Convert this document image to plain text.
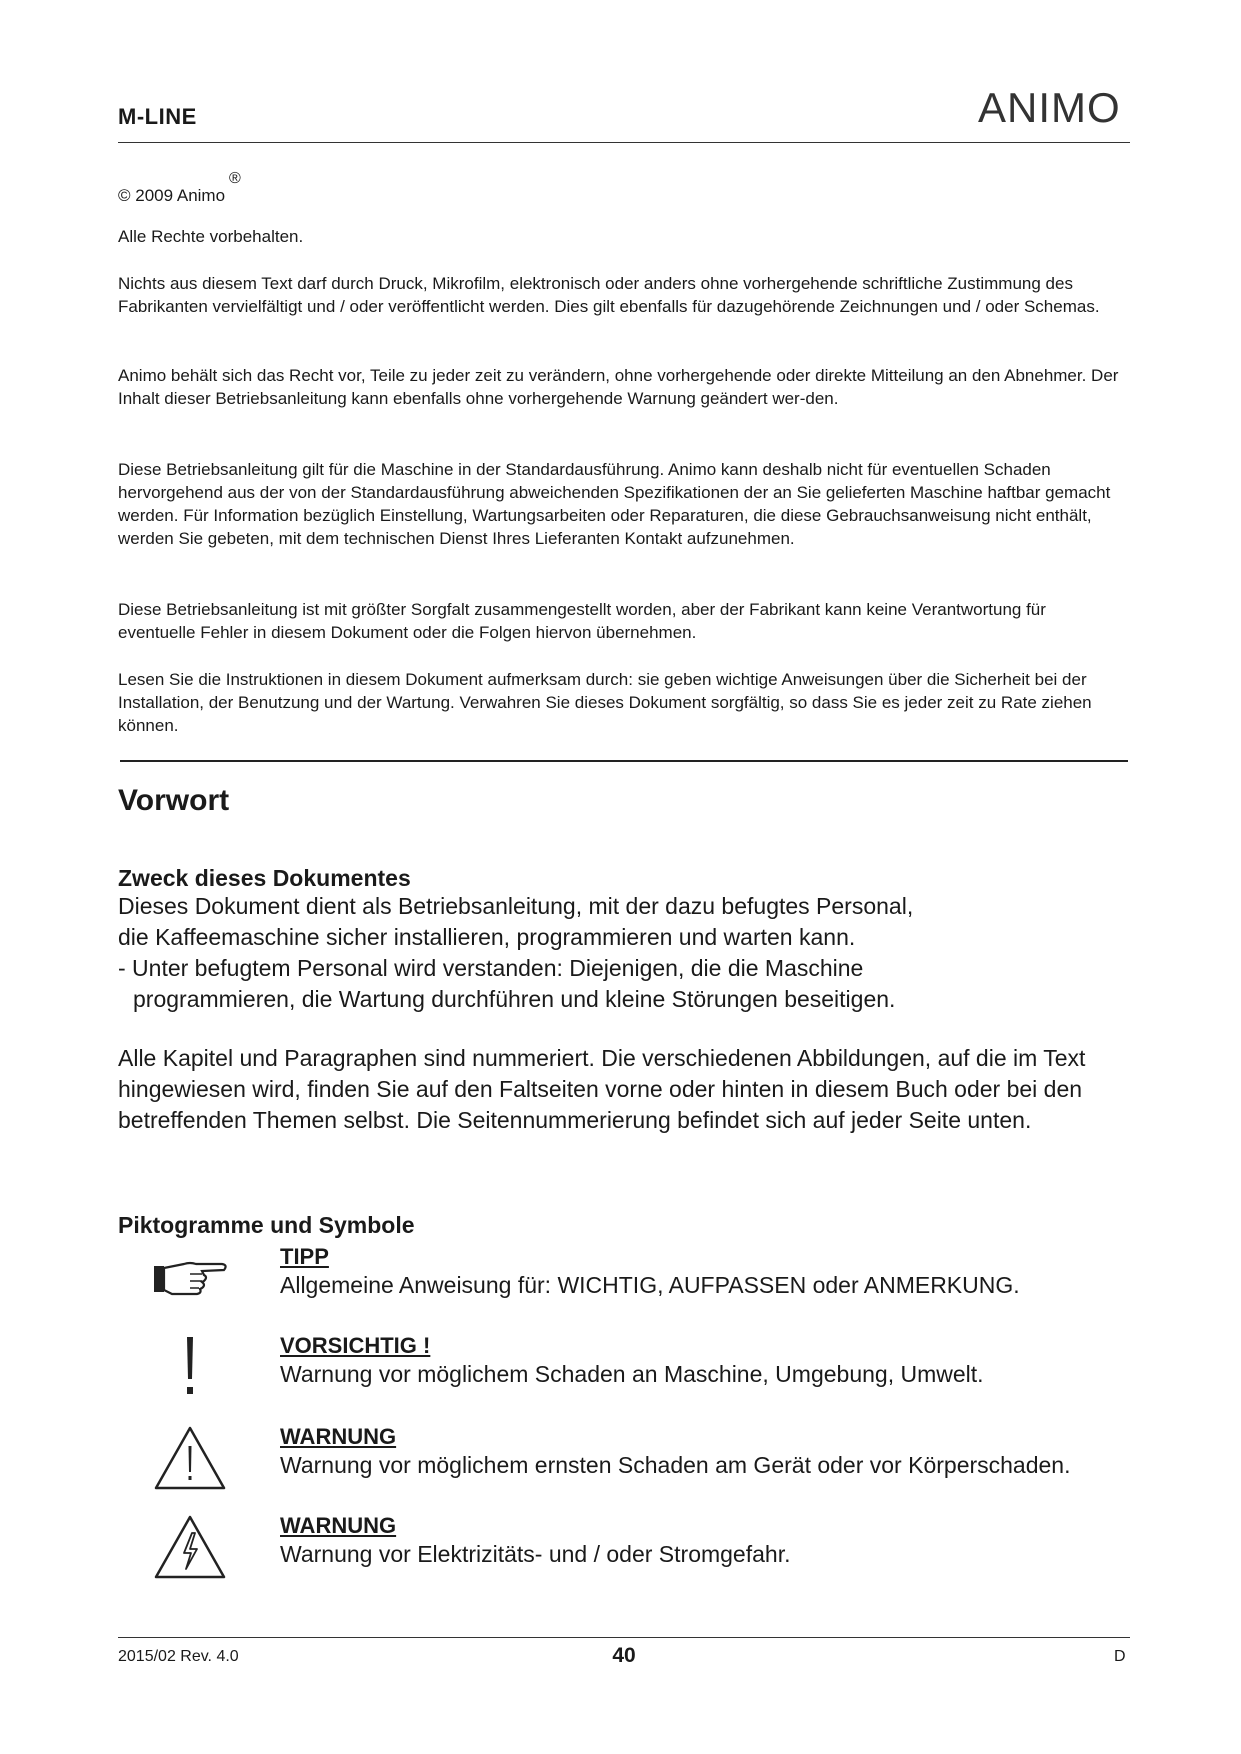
M-LINE	ANIMO
© 2009 Animo®

Alle Rechte vorbehalten.

Nichts aus diesem Text darf durch Druck, Mikrofilm, elektronisch oder anders ohne vorhergehende schriftliche Zustimmung des Fabrikanten vervielfältigt und / oder veröffentlicht werden. Dies gilt ebenfalls für dazugehörende Zeichnungen und / oder Schemas.

Animo behält sich das Recht vor, Teile zu jeder zeit zu verändern, ohne vorhergehende oder direkte Mitteilung an den Abnehmer. Der Inhalt dieser Betriebsanleitung kann ebenfalls ohne vorhergehende Warnung geändert wer-den.

Diese Betriebsanleitung gilt für die Maschine in der Standardausführung. Animo kann deshalb nicht für eventuellen Schaden hervorgehend aus der von der Standardausführung abweichenden Spezifikationen der an Sie gelieferten Maschine haftbar gemacht werden. Für Information bezüglich Einstellung, Wartungsarbeiten oder Reparaturen, die diese Gebrauchsanweisung nicht enthält, werden Sie gebeten, mit dem technischen Dienst Ihres Lieferanten Kontakt aufzunehmen.

Diese Betriebsanleitung ist mit größter Sorgfalt zusammengestellt worden, aber der Fabrikant kann keine Verantwortung für eventuelle Fehler in diesem Dokument oder die Folgen hiervon übernehmen.

Lesen Sie die Instruktionen in diesem Dokument aufmerksam durch: sie geben wichtige Anweisungen über die Sicherheit bei der Installation, der Benutzung und der Wartung. Verwahren Sie dieses Dokument sorgfältig, so dass Sie es jeder zeit zu Rate ziehen können.

Vorwort
Zweck dieses Dokumentes
Dieses Dokument dient als Betriebsanleitung, mit der dazu befugtes Personal,
die Kaffeemaschine sicher installieren, programmieren und warten kann.
- Unter befugtem Personal wird verstanden: Diejenigen, die die Maschine
programmieren, die Wartung durchführen und kleine Störungen beseitigen.

Alle Kapitel und Paragraphen sind nummeriert. Die verschiedenen Abbildungen, auf die im Text hingewiesen wird, finden Sie auf den Faltseiten vorne oder hinten in diesem Buch oder bei den betreffenden Themen selbst. Die Seitennummerierung befindet sich auf jeder Seite unten.

Piktogramme und Symbole
TIPP
Allgemeine Anweisung für: WICHTIG, AUFPASSEN oder ANMERKUNG.
VORSICHTIG !
Warnung vor möglichem Schaden an Maschine, Umgebung, Umwelt.
WARNUNG
Warnung vor möglichem ernsten Schaden am Gerät oder vor Körperschaden.
WARNUNG
Warnung vor Elektrizitäts- und / oder Stromgefahr.
2015/02 Rev. 4.0	40	D
